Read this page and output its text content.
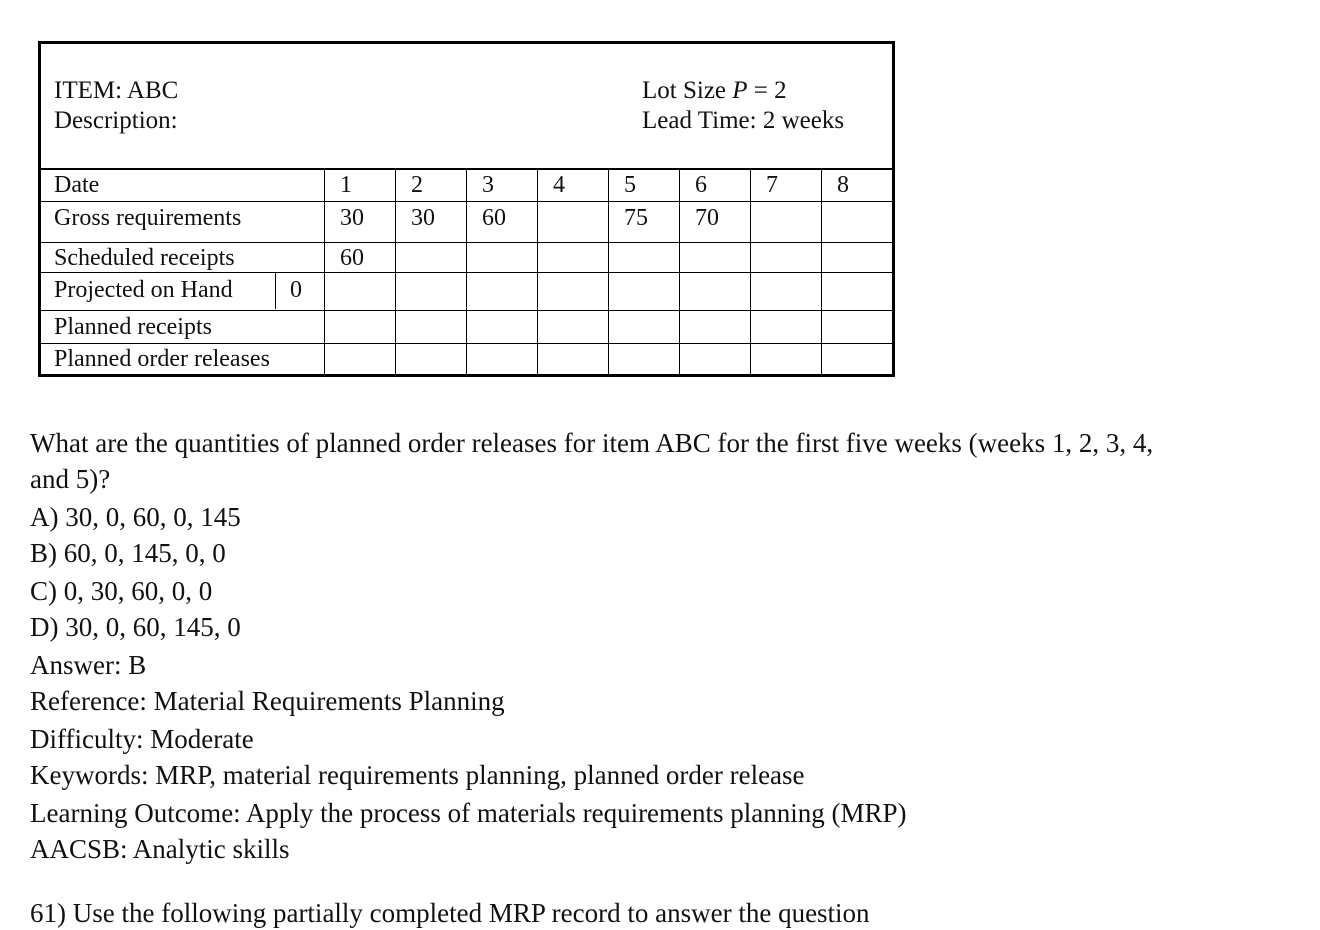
ITEM: ABC
Description:
Lot Size P = 2
Lead Time: 2 weeks
Date
Gross requirements
Scheduled receipts
Projected on Hand 0
Planned receipts
Planned order releases
1 2 3 4 5 6 7 8
30 30 60	75 70
60
What are the quantities of planned order releases for item ABC for the first five weeks (weeks 1, 2, 3, 4,
and 5)?
A) 30, 0, 60, 0, 145
B) 60, 0, 145, 0, 0
C) 0, 30, 60, 0, 0
D) 30, 0, 60, 145, 0
Answer: B
Reference: Material Requirements Planning
Difficulty: Moderate
Keywords: MRP, material requirements planning, planned order release
Learning Outcome: Apply the process of materials requirements planning (MRP)
AACSB: Analytic skills
61) Use the following partially completed MRP record to answer the question
